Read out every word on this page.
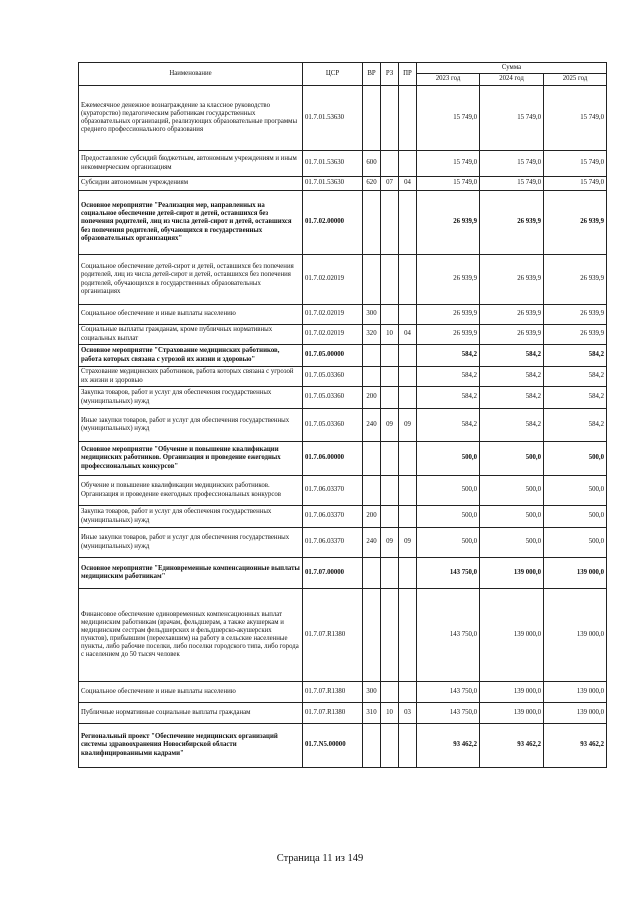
Наименование	ЦСР	ВР	РЗ	ПР	Сумма		
					2023 год	2024 год	2025 год
Ежемесячное денежное вознаграждение за классное руководство (кураторство) педагогическим работникам государственных образовательных организаций, реализующих образовательные программы среднего профессионального образования	01.7.01.53630				15 749,0	15 749,0	15 749,0
Предоставление субсидий бюджетным, автономным учреждениям и иным некоммерческим организациям	01.7.01.53630	600			15 749,0	15 749,0	15 749,0
Субсидии автономным учреждениям	01.7.01.53630	620	07	04	15 749,0	15 749,0	15 749,0
Основное мероприятие "Реализация мер, направленных на социальное обеспечение детей-сирот и детей, оставшихся без попечения родителей, лиц из числа детей-сирот и детей, оставшихся без попечения родителей, обучающихся в государственных образовательных организациях"	01.7.02.00000				26 939,9	26 939,9	26 939,9
Социальное обеспечение детей-сирот и детей, оставшихся без попечения родителей, лиц из числа детей-сирот и детей, оставшихся без попечения родителей, обучающихся в государственных образовательных организациях	01.7.02.02019				26 939,9	26 939,9	26 939,9
Социальное обеспечение и иные выплаты населению	01.7.02.02019	300			26 939,9	26 939,9	26 939,9
Социальные выплаты гражданам, кроме публичных нормативных социальных выплат	01.7.02.02019	320	10	04	26 939,9	26 939,9	26 939,9
Основное мероприятие "Страхование медицинских работников, работа которых связана с угрозой их жизни и здоровью"	01.7.05.00000				584,2	584,2	584,2
Страхование медицинских работников, работа которых связана с угрозой их жизни и здоровью	01.7.05.03360				584,2	584,2	584,2
Закупка товаров, работ и услуг для обеспечения государственных (муниципальных) нужд	01.7.05.03360	200			584,2	584,2	584,2
Иные закупки товаров, работ и услуг для обеспечения государственных (муниципальных) нужд	01.7.05.03360	240	09	09	584,2	584,2	584,2
Основное мероприятие "Обучение и повышение квалификации медицинских работников. Организация и проведение ежегодных профессиональных конкурсов"	01.7.06.00000				500,0	500,0	500,0
Обучение и повышение квалификации медицинских работников. Организация и проведение ежегодных профессиональных конкурсов	01.7.06.03370				500,0	500,0	500,0
Закупка товаров, работ и услуг для обеспечения государственных (муниципальных) нужд	01.7.06.03370	200			500,0	500,0	500,0
Иные закупки товаров, работ и услуг для обеспечения государственных (муниципальных) нужд	01.7.06.03370	240	09	09	500,0	500,0	500,0
Основное мероприятие "Единовременные компенсационные выплаты медицинским работникам"	01.7.07.00000				143 750,0	139 000,0	139 000,0
Финансовое обеспечение единовременных компенсационных выплат медицинским работникам (врачам, фельдшерам, а также акушеркам и медицинским сестрам фельдшерских и фельдшерско-акушерских пунктов), прибывшим (переехавшим) на работу в сельские населенные пункты, либо рабочие поселки, либо поселки городского типа, либо города с населением до 50 тысяч человек	01.7.07.R1380				143 750,0	139 000,0	139 000,0
Социальное обеспечение и иные выплаты населению	01.7.07.R1380	300			143 750,0	139 000,0	139 000,0
Публичные нормативные социальные выплаты гражданам	01.7.07.R1380	310	10	03	143 750,0	139 000,0	139 000,0
Региональный проект "Обеспечение медицинских организаций системы здравоохранения Новосибирской области квалифицированными кадрами"	01.7.N5.00000				93 462,2	93 462,2	93 462,2
Страница 11 из 149
